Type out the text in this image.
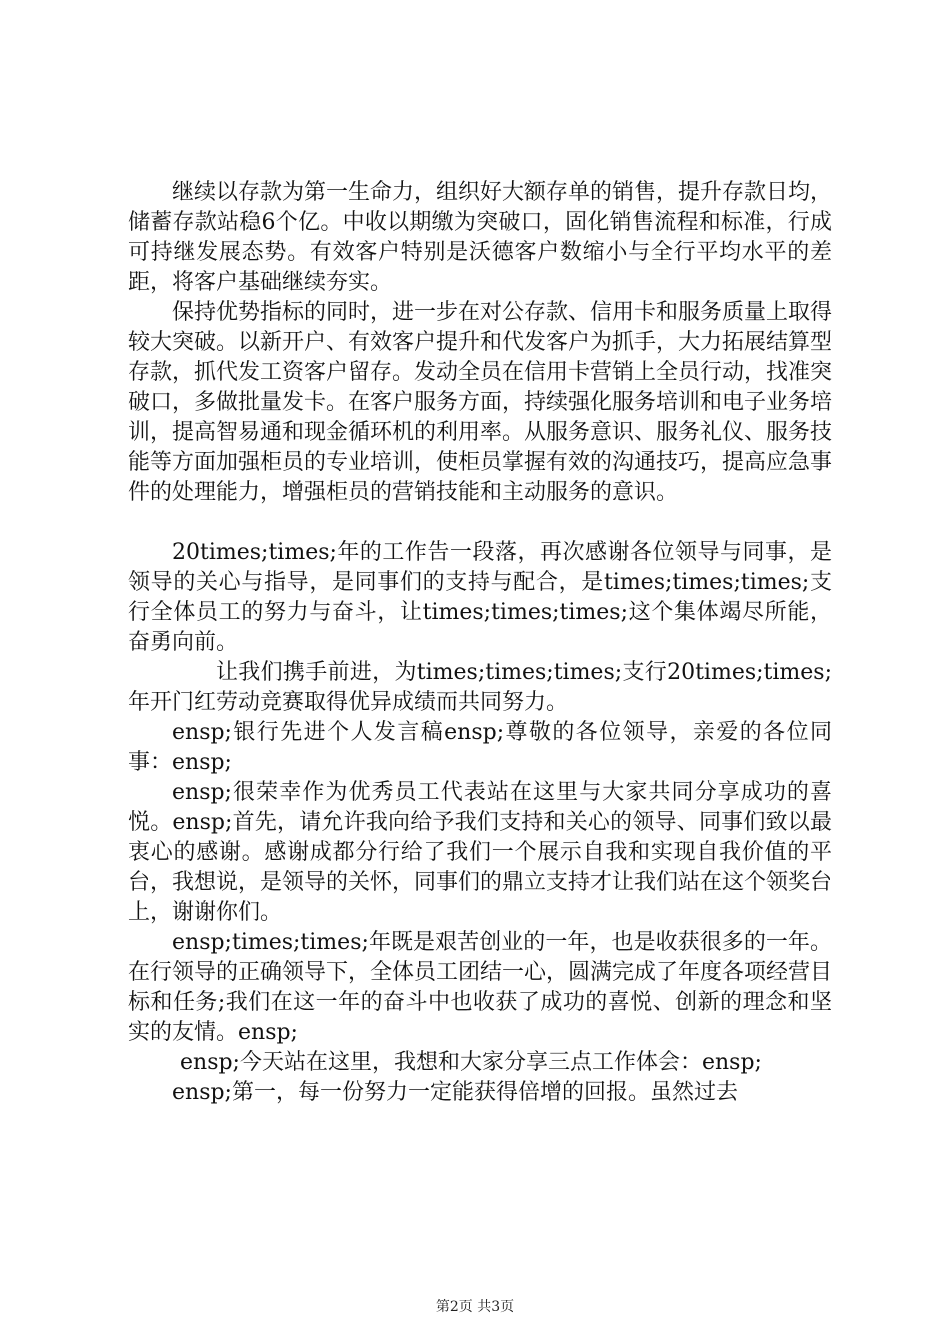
继续以存款为第一生命力，组织好大额存单的销售，提升存款日均，储蓄存款站稳6个亿。中收以期缴为突破口，固化销售流程和标准，行成可持继发展态势。有效客户特别是沃德客户数缩小与全行平均水平的差距，将客户基础继续夯实。

保持优势指标的同时，进一步在对公存款、信用卡和服务质量上取得较大突破。以新开户、有效客户提升和代发客户为抓手，大力拓展结算型存款，抓代发工资客户留存。发动全员在信用卡营销上全员行动，找准突破口，多做批量发卡。在客户服务方面，持续强化服务培训和电子业务培训，提高智易通和现金循环机的利用率。从服务意识、服务礼仪、服务技能等方面加强柜员的专业培训，使柜员掌握有效的沟通技巧，提高应急事件的处理能力，增强柜员的营销技能和主动服务的意识。

20times;times;年的工作告一段落，再次感谢各位领导与同事，是领导的关心与指导，是同事们的支持与配合，是times;times;times;支行全体员工的努力与奋斗，让times;times;times;这个集体竭尽所能，奋勇向前。

让我们携手前进，为times;times;times;支行20times;times;年开门红劳动竞赛取得优异成绩而共同努力。

ensp;银行先进个人发言稿ensp;尊敬的各位领导，亲爱的各位同事：ensp;

ensp;很荣幸作为优秀员工代表站在这里与大家共同分享成功的喜悦。ensp;首先，请允许我向给予我们支持和关心的领导、同事们致以最衷心的感谢。感谢成都分行给了我们一个展示自我和实现自我价值的平台，我想说，是领导的关怀，同事们的鼎立支持才让我们站在这个领奖台上，谢谢你们。

ensp;times;times;年既是艰苦创业的一年，也是收获很多的一年。在行领导的正确领导下，全体员工团结一心，圆满完成了年度各项经营目标和任务;我们在这一年的奋斗中也收获了成功的喜悦、创新的理念和坚实的友情。ensp;

ensp;今天站在这里，我想和大家分享三点工作体会：ensp;

ensp;第一，每一份努力一定能获得倍增的回报。虽然过去

第2页 共3页
